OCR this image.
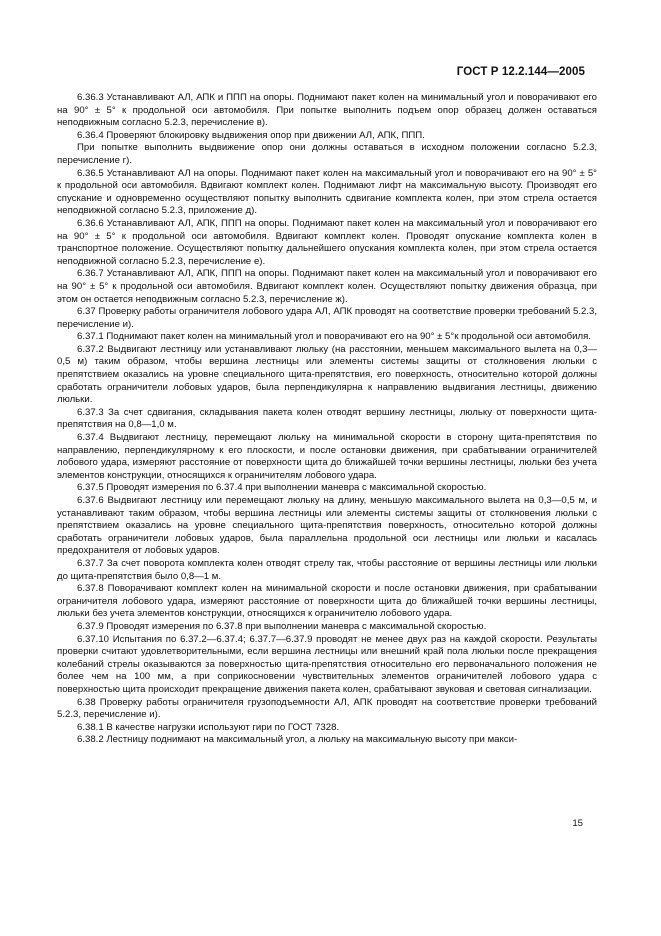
ГОСТ Р 12.2.144—2005

6.36.3 Устанавливают АЛ, АПК и ППП на опоры. Поднимают пакет колен на минимальный угол и поворачивают его на 90° ± 5° к продольной оси автомобиля. При попытке выполнить подъем опор образец должен оставаться неподвижным согласно 5.2.3, перечисление в).

6.36.4 Проверяют блокировку выдвижения опор при движении АЛ, АПК, ППП.

При попытке выполнить выдвижение опор они должны оставаться в исходном положении согласно 5.2.3, перечисление г).

6.36.5 Устанавливают АЛ на опоры. Поднимают пакет колен на максимальный угол и поворачивают его на 90° ± 5° к продольной оси автомобиля. Вдвигают комплект колен. Поднимают лифт на максимальную высоту. Производят его спускание и одновременно осуществляют попытку выполнить сдвигание комплекта колен, при этом стрела остается неподвижной согласно 5.2.3, приложение д).

6.36.6 Устанавливают АЛ, АПК, ППП на опоры. Поднимают пакет колен на максимальный угол и поворачивают его на 90° ± 5° к продольной оси автомобиля. Вдвигают комплект колен. Проводят опускание комплекта колен в транспортное положение. Осуществляют попытку дальнейшего опускания комплекта колен, при этом стрела остается неподвижной согласно 5.2.3, перечисление е).

6.36.7 Устанавливают АЛ, АПК, ППП на опоры. Поднимают пакет колен на максимальный угол и поворачивают его на 90° ± 5° к продольной оси автомобиля. Вдвигают комплект колен. Осуществляют попытку движения образца, при этом он остается неподвижным согласно 5.2.3, перечисление ж).

6.37 Проверку работы ограничителя лобового удара АЛ, АПК проводят на соответствие проверки требований 5.2.3, перечисление и).

6.37.1 Поднимают пакет колен на минимальный угол и поворачивают его на 90° ± 5°к продольной оси автомобиля.

6.37.2 Выдвигают лестницу или устанавливают люльку (на расстоянии, меньшем максимального вылета на 0,3—0,5 м) таким образом, чтобы вершина лестницы или элементы системы защиты от столкновения люльки с препятствием оказались на уровне специального щита-препятствия, его поверхность, относительно которой должны сработать ограничители лобовых ударов, была перпендикулярна к направлению выдвигания лестницы, движению люльки.

6.37.3 За счет сдвигания, складывания пакета колен отводят вершину лестницы, люльку от поверхности щита-препятствия на 0,8—1,0 м.

6.37.4 Выдвигают лестницу, перемещают люльку на минимальной скорости в сторону щита-препятствия по направлению, перпендикулярному к его плоскости, и после остановки движения, при срабатывании ограничителей лобового удара, измеряют расстояние от поверхности щита до ближайшей точки вершины лестницы, люльки без учета элементов конструкции, относящихся к ограничителям лобового удара.

6.37.5 Проводят измерения по 6.37.4 при выполнении маневра с максимальной скоростью.

6.37.6 Выдвигают лестницу или перемещают люльку на длину, меньшую максимального вылета на 0,3—0,5 м, и устанавливают таким образом, чтобы вершина лестницы или элементы системы защиты от столкновения люльки с препятствием оказались на уровне специального щита-препятствия поверхность, относительно которой должны сработать ограничители лобовых ударов, была параллельна продольной оси лестницы или люльки и касалась предохранителя от лобовых ударов.

6.37.7 За счет поворота комплекта колен отводят стрелу так, чтобы расстояние от вершины лестницы или люльки до щита-препятствия было 0,8—1 м.

6.37.8 Поворачивают комплект колен на минимальной скорости и после остановки движения, при срабатывании ограничителя лобового удара, измеряют расстояние от поверхности щита до ближайшей точки вершины лестницы, люльки без учета элементов конструкции, относящихся к ограничителю лобового удара.

6.37.9 Проводят измерения по 6.37.8 при выполнении маневра с максимальной скоростью.

6.37.10 Испытания по 6.37.2—6.37.4; 6.37.7—6.37.9 проводят не менее двух раз на каждой скорости. Результаты проверки считают удовлетворительными, если вершина лестницы или внешний край пола люльки после прекращения колебаний стрелы оказываются за поверхностью щита-препятствия относительно его первоначального положения не более чем на 100 мм, а при соприкосновении чувствительных элементов ограничителей лобового удара с поверхностью щита происходит прекращение движения пакета колен, срабатывают звуковая и световая сигнализации.

6.38 Проверку работы ограничителя грузоподъемности АЛ, АПК проводят на соответствие проверки требований 5.2.3, перечисление и).

6.38.1 В качестве нагрузки используют гири по ГОСТ 7328.

6.38.2 Лестницу поднимают на максимальный угол, а люльку на максимальную высоту при макси-

15
